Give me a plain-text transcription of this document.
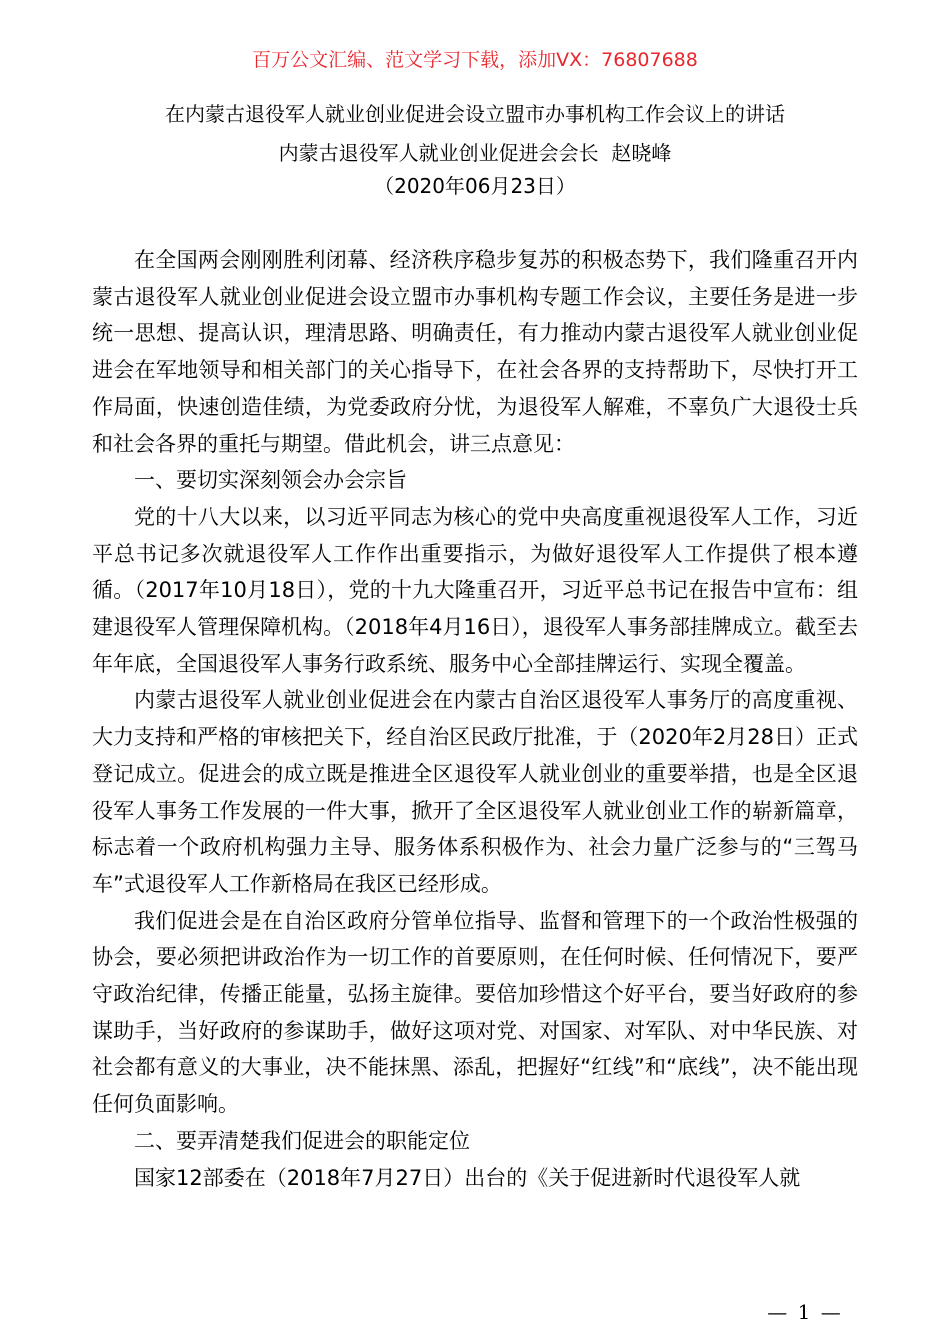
百万公文汇编、范文学习下载，添加VX：76807688
在内蒙古退役军人就业创业促进会设立盟市办事机构工作会议上的讲话
内蒙古退役军人就业创业促进会会长  赵晓峰
（2020年06月23日）

在全国两会刚刚胜利闭幕、经济秩序稳步复苏的积极态势下，我们隆重召开内蒙古退役军人就业创业促进会设立盟市办事机构专题工作会议，主要任务是进一步统一思想、提高认识，理清思路、明确责任，有力推动内蒙古退役军人就业创业促进会在军地领导和相关部门的关心指导下，在社会各界的支持帮助下，尽快打开工作局面，快速创造佳绩，为党委政府分忧，为退役军人解难，不辜负广大退役士兵和社会各界的重托与期望。借此机会，讲三点意见：

一、要切实深刻领会办会宗旨

党的十八大以来，以习近平同志为核心的党中央高度重视退役军人工作，习近平总书记多次就退役军人工作作出重要指示，为做好退役军人工作提供了根本遵循。（2017年10月18日），党的十九大隆重召开，习近平总书记在报告中宣布：组建退役军人管理保障机构。（2018年4月16日），退役军人事务部挂牌成立。截至去年年底，全国退役军人事务行政系统、服务中心全部挂牌运行、实现全覆盖。

内蒙古退役军人就业创业促进会在内蒙古自治区退役军人事务厅的高度重视、大力支持和严格的审核把关下，经自治区民政厅批准，于（2020年2月28日）正式登记成立。促进会的成立既是推进全区退役军人就业创业的重要举措，也是全区退役军人事务工作发展的一件大事，掀开了全区退役军人就业创业工作的崭新篇章，标志着一个政府机构强力主导、服务体系积极作为、社会力量广泛参与的“三驾马车”式退役军人工作新格局在我区已经形成。

我们促进会是在自治区政府分管单位指导、监督和管理下的一个政治性极强的协会，要必须把讲政治作为一切工作的首要原则，在任何时候、任何情况下，要严守政治纪律，传播正能量，弘扬主旋律。要倍加珍惜这个好平台，要当好政府的参谋助手，当好政府的参谋助手，做好这项对党、对国家、对军队、对中华民族、对社会都有意义的大事业，决不能抹黑、添乱，把握好“红线”和“底线”，决不能出现任何负面影响。

二、要弄清楚我们促进会的职能定位

国家12部委在（2018年7月27日）出台的《关于促进新时代退役军人就

— 1 —
